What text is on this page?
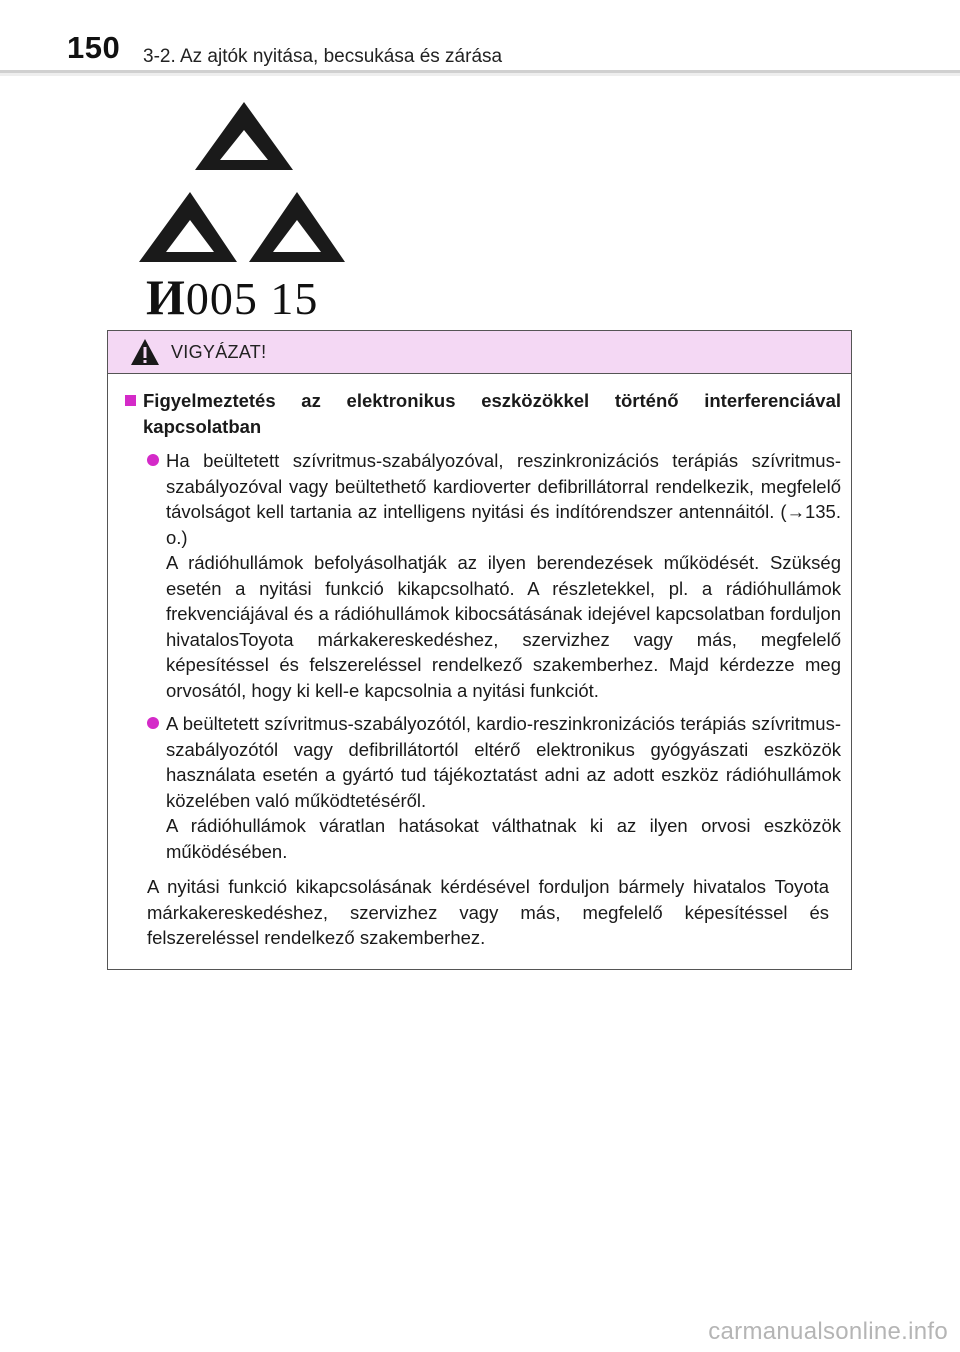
150 3-2. Az ajtók nyitása, becsukása és zárása
И005 15
VIGYÁZAT!
Figyelmeztetés az elektronikus eszközökkel történő interferenciával kapcsolatban
Ha beültetett szívritmus-szabályozóval, reszinkronizációs terápiás szívritmus-szabályozóval vagy beültethető kardioverter defibrillátorral rendelkezik, megfelelő távolságot kell tartania az intelligens nyitási és indítórendszer antennáitól. (→135. o.)
A rádióhullámok befolyásolhatják az ilyen berendezések működését. Szükség esetén a nyitási funkció kikapcsolható. A részletekkel, pl. a rádióhullámok frekvenciájával és a rádióhullámok kibocsátásának idejével kapcsolatban forduljon hivatalosToyota márkakereskedéshez, szervizhez vagy más, megfelelő képesítéssel és felszereléssel rendelkező szakemberhez. Majd kérdezze meg orvosától, hogy ki kell-e kapcsolnia a nyitási funkciót.
A beültetett szívritmus-szabályozótól, kardio-reszinkronizációs terápiás szívritmus-szabályozótól vagy defibrillátortól eltérő elektronikus gyógyászati eszközök használata esetén a gyártó tud tájékoztatást adni az adott eszköz rádióhullámok közelében való működtetéséről.
A rádióhullámok váratlan hatásokat válthatnak ki az ilyen orvosi eszközök működésében.
A nyitási funkció kikapcsolásának kérdésével forduljon bármely hivatalos Toyota márkakereskedéshez, szervizhez vagy más, megfelelő képesítéssel és felszereléssel rendelkező szakemberhez.
carmanualsonline.info
